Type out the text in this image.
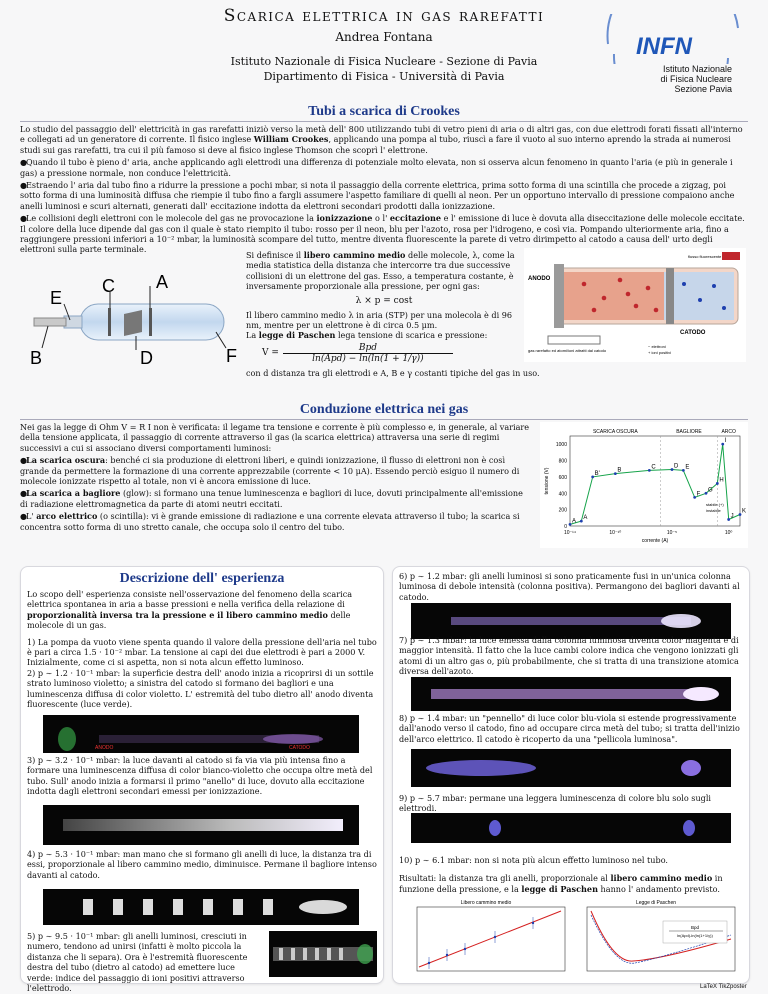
Scarica elettrica in gas rarefatti
Andrea Fontana
Istituto Nazionale di Fisica Nucleare - Sezione di Pavia
Dipartimento di Fisica - Università di Pavia
INFN
Istituto Nazionale
di Fisica Nucleare
Sezione Pavia
Tubi a scarica di Crookes

Lo studio del passaggio dell' elettricità in gas rarefatti iniziò verso la metà dell' 800 utilizzando tubi di vetro pieni di aria o di altri gas, con due elettrodi forati fissati all'interno e collegati ad un generatore di corrente. Il fisico inglese William Crookes, applicando una pompa al tubo, riuscì a fare il vuoto al suo interno aprendo la strada ai numerosi studi sui gas rarefatti, tra cui il più famoso si deve al fisico inglese Thomson che scoprì l' elettrone.

●Quando il tubo è pieno d' aria, anche applicando agli elettrodi una differenza di potenziale molto elevata, non si osserva alcun fenomeno in quanto l'aria (e più in generale i gas) a pressione normale, non conduce l'elettricità.
●Estraendo l' aria dal tubo fino a ridurre la pressione a pochi mbar, si nota il passaggio della corrente elettrica, prima sotto forma di una scintilla che procede a zigzag, poi sotto forma di una luminosità diffusa che riempie il tubo fino a fargli assumere l'aspetto familiare di quelli al neon. Per un opportuno intervallo di pressione compaiono anche anelli luminosi e scuri alternati, generati dall' eccitazione indotta da elettroni secondari prodotti dalla ionizzazione.
●Le collisioni degli elettroni con le molecole del gas ne provocazione la ionizzazione o l' eccitazione e l' emissione di luce è dovuta alla diseccitazione delle molecole eccitate. Il colore della luce dipende dal gas con il quale è stato riempito il tubo: rosso per il neon, blu per l'azoto, rosa per l'idrogeno, e così via. Pompando ulteriormente aria, fino a raggiungere pressioni inferiori a 10⁻² mbar, la luminosità scompare del tutto, mentre diventa fluorescente la parete di vetro dirimpetto al catodo a causa dell' urto degli elettroni sulla parte terminale.
E
C A
B	D	F

Si definisce il libero cammino medio delle molecole, λ, come la media statistica della distanza che intercorre tra due successive collisioni di un elettrone del gas. Esso, a temperatura costante, è inversamente proporzionale alla pressione, per ogni gas:

λ × p = cost

Il libero cammino medio λ in aria (STP) per una molecola è di 96 nm, mentre per un elettrone è di circa 0.5 μm.

La legge di Paschen lega tensione di scarica e pressione:

V =
Bpd
ln(Apd) − ln(ln(1 + 1/γ))
con d distanza tra gli elettrodi e A, B e γ costanti tipiche del gas in uso.
flusso fluorescente
ANODO
CATODO
gas rarefatto ed atomi/ioni attratti dal catodo
− elettroni
+ ioni positivi
Conduzione elettrica nei gas

Nei gas la legge di Ohm V = R I non è verificata: il legame tra tensione e corrente è più complesso e, in generale, al variare della tensione applicata, il passaggio di corrente attraverso il gas (la scarica elettrica) attraversa una serie di regimi successivi a cui si associano diversi comportamenti luminosi:

●La scarica oscura: benché ci sia produzione di elettroni liberi, e quindi ionizzazione, il flusso di elettroni non è così grande da permettere la formazione di una corrente apprezzabile (corrente < 10 μA). Essendo perciò esiguo il numero di molecole ionizzate rispetto al totale, non vi è ancora emissione di luce.
●La scarica a bagliore (glow): si formano una tenue luminescenza e bagliori di luce, dovuti principalmente all'emissione di radiazione elettromagnetica da parte di atomi neutri eccitati.
●L' arco elettrico (o scintilla): vi è grande emissione di radiazione e una corrente elevata attraverso il tubo; la scarica si concentra sotto forma di uno stretto canale, che occupa solo il centro del tubo.
SCARICA OSCURA	BAGLIORE	ARCO
0
200
400
600
800
1000
10⁻¹⁴	10⁻¹⁰	10⁻⁵	10⁰
corrente (A)
tensione (V)
A
A
B'
B
C	D E
F
G
H
I
J
K
stabile (+)
instabile
Descrizione dell' esperienza

Lo scopo dell' esperienza consiste nell'osservazione del fenomeno della scarica elettrica spontanea in aria a basse pressioni e nella verifica della relazione di proporzionalità inversa tra la pressione e il libero cammino medio delle molecole di un gas.

1) La pompa da vuoto viene spenta quando il valore della pressione dell'aria nel tubo è pari a circa 1.5 · 10⁻² mbar. La tensione ai capi dei due elettrodi è pari a 2000 V. Inizialmente, come ci si aspetta, non si nota alcun effetto luminoso.

2) p ∼ 1.2 · 10⁻¹ mbar: la superficie destra dell' anodo inizia a ricoprirsi di un sottile strato luminoso violetto; a sinistra del catodo si formano dei bagliori e una luminescenza diffusa di color violetto. L' estremità del tubo dietro all' anodo diventa fluorescente (luce verde).

ANODO	CATODO

3) p ∼ 3.2 · 10⁻¹ mbar: la luce davanti al catodo si fa via via più intensa fino a formare una luminescenza diffusa di color bianco-violetto che occupa oltre metà del tubo. Sull' anodo inizia a formarsi il primo "anello" di luce, dovuto alla eccitazione indotta dagli elettroni secondari emessi per ionizzazione.

4) p ∼ 5.3 · 10⁻¹ mbar: man mano che si formano gli anelli di luce, la distanza tra di essi, proporzionale al libero cammino medio, diminuisce. Permane il bagliore intenso davanti al catodo.

5) p ∼ 9.5 · 10⁻¹ mbar: gli anelli luminosi, cresciuti in numero, tendono ad unirsi (infatti è molto piccola la distanza che li separa). Ora è l'estremità fluorescente destra del tubo (dietro al catodo) ad emettere luce verde: indice del passaggio di ioni positivi attraverso l'elettrodo.

6) p ∼ 1.2 mbar: gli anelli luminosi si sono praticamente fusi in un'unica colonna luminosa di debole intensità (colonna positiva). Permangono dei bagliori davanti al catodo.

7) p ∼ 1.3 mbar: la luce emessa dalla colonna luminosa diventa color magenta e di maggior intensità. Il fatto che la luce cambi colore indica che vengono ionizzati gli atomi di un altro gas o, più probabilmente, che si tratta di una transizione atomica diversa dell'azoto.

8) p ∼ 1.4 mbar: un "pennello" di luce color blu-viola si estende progressivamente dall'anodo verso il catodo, fino ad occupare circa metà del tubo; si tratta dell'inizio dell'arco elettrico. Il catodo è ricoperto da una "pellicola luminosa".

9) p ∼ 5.7 mbar: permane una leggera luminescenza di colore blu solo sugli elettrodi.

10) p ∼ 6.1 mbar: non si nota più alcun effetto luminoso nel tubo.

Risultati: la distanza tra gli anelli, proporzionale al libero cammino medio in funzione della pressione, e la legge di Paschen hanno l' andamento previsto.

Libero cammino medio	Legge di Paschen
Bpd
ln(Apd)-ln(ln(1+1/γ))
LaTeX TikZposter
